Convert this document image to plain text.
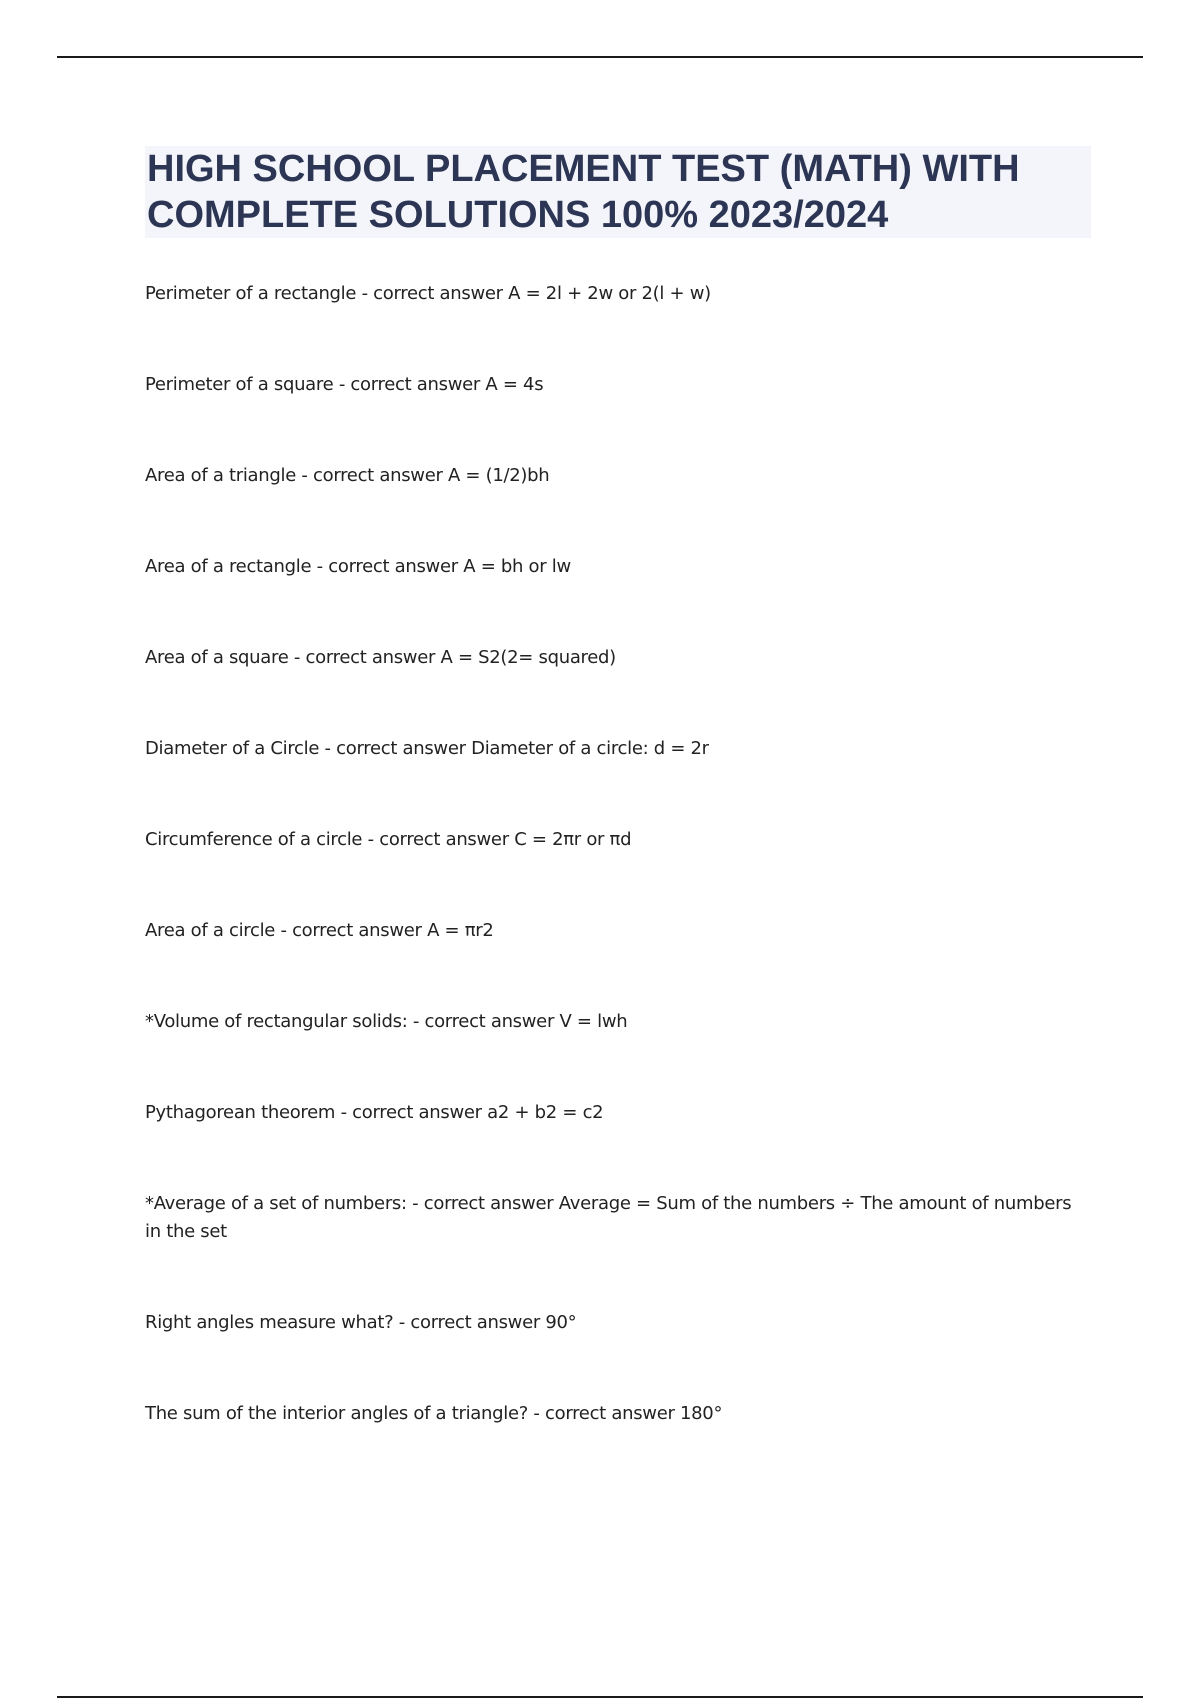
HIGH SCHOOL PLACEMENT TEST (MATH) WITH
COMPLETE SOLUTIONS 100% 2023/2024
Perimeter of a rectangle - correct answer A = 2l + 2w or 2(l + w)
Perimeter of a square - correct answer A = 4s
Area of a triangle - correct answer A = (1/2)bh
Area of a rectangle - correct answer A = bh or lw
Area of a square - correct answer A = S2(2= squared)
Diameter of a Circle - correct answer Diameter of a circle: d = 2r
Circumference of a circle - correct answer C = 2πr or πd
Area of a circle - correct answer A = πr2
*Volume of rectangular solids: - correct answer V = lwh
Pythagorean theorem - correct answer a2 + b2 = c2
*Average of a set of numbers: - correct answer Average = Sum of the numbers ÷ The amount of numbers in the set
Right angles measure what? - correct answer 90°
The sum of the interior angles of a triangle? - correct answer 180°
